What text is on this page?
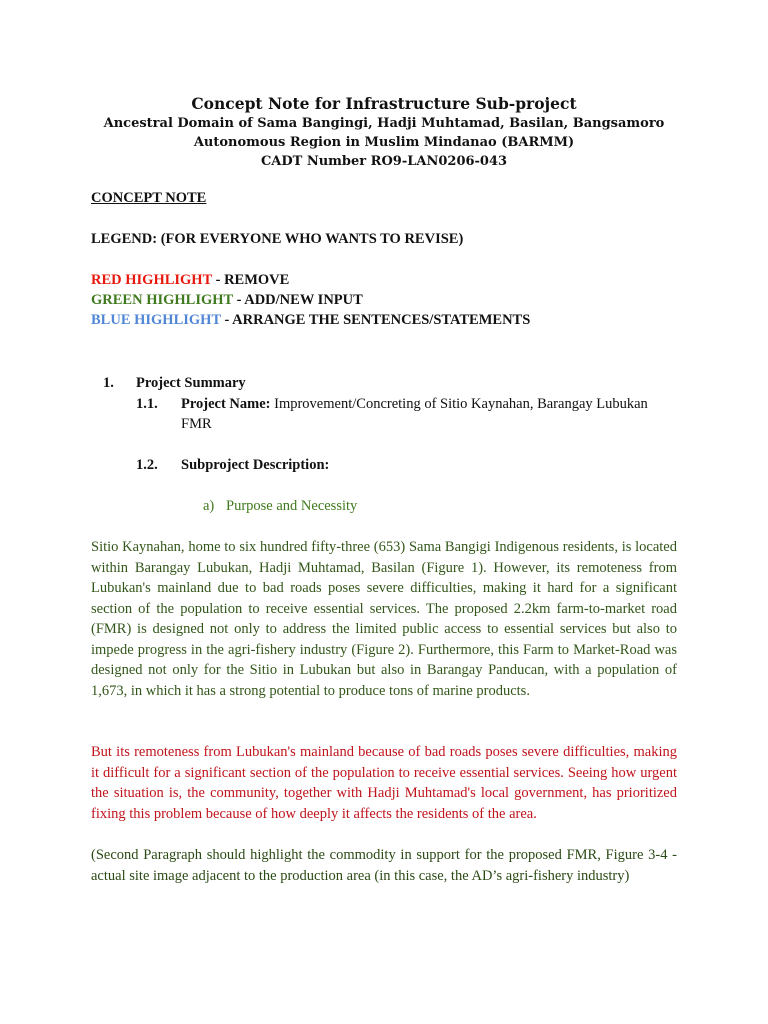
Concept Note for Infrastructure Sub-project
Ancestral Domain of Sama Bangingi, Hadji Muhtamad, Basilan, Bangsamoro
Autonomous Region in Muslim Mindanao (BARMM)
CADT Number RO9-LAN0206-043
CONCEPT NOTE
LEGEND: (FOR EVERYONE WHO WANTS TO REVISE)
RED HIGHLIGHT - REMOVE
GREEN HIGHLIGHT - ADD/NEW INPUT
BLUE HIGHLIGHT - ARRANGE THE SENTENCES/STATEMENTS
1. Project Summary
1.1. Project Name: Improvement/Concreting of Sitio Kaynahan, Barangay Lubukan
FMR
1.2. Subproject Description:
a) Purpose and Necessity
Sitio Kaynahan, home to six hundred fifty-three (653) Sama Bangigi Indigenous residents, is located within Barangay Lubukan, Hadji Muhtamad, Basilan (Figure 1). However, its remoteness from Lubukan's mainland due to bad roads poses severe difficulties, making it hard for a significant section of the population to receive essential services. The proposed 2.2km farm-to-market road (FMR) is designed not only to address the limited public access to essential services but also to impede progress in the agri-fishery industry (Figure 2). Furthermore, this Farm to Market-Road was designed not only for the Sitio in Lubukan but also in Barangay Panducan, with a population of 1,673, in which it has a strong potential to produce tons of marine products.
But its remoteness from Lubukan's mainland because of bad roads poses severe difficulties, making it difficult for a significant section of the population to receive essential services. Seeing how urgent the situation is, the community, together with Hadji Muhtamad's local government, has prioritized fixing this problem because of how deeply it affects the residents of the area.
(Second Paragraph should highlight the commodity in support for the proposed FMR, Figure 3-4 - actual site image adjacent to the production area (in this case, the AD’s agri-fishery industry)
